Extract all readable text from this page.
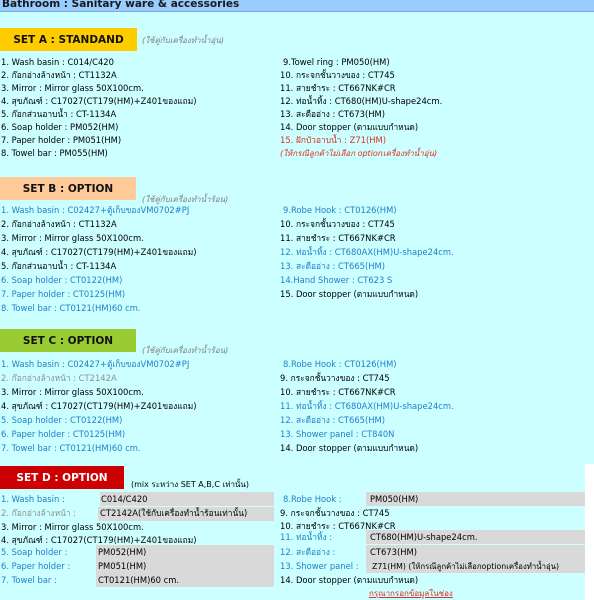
Bathroom : Sanitary ware & accessories
SET A : STANDAND	(ใช้คู่กับเครื่องทำน้ำอุ่น)
1. Wash basin : C014/C420
2. ก๊อกอ่างล้างหน้า : CT1132A
3. Mirror : Mirror glass 50X100cm.
4. สุขภัณฑ์ : C17027(CT179(HM)+Z401ของแถม)
5. ก๊อกส่วนอาบน้ำ : CT-1134A
6. Soap holder : PM052(HM)
7. Paper holder : PM051(HM)
8. Towel bar : PM055(HM)
9.Towel ring : PM050(HM)
10. กระจกชั้นวางของ : CT745
11. สายชำระ : CT667NK#CR
12. ท่อน้ำทิ้ง : CT680(HM)U-shape24cm.
13. สะดืออ่าง : CT673(HM)
14. Door stopper (ตามแบบกำหนด)
15. ฝักบัวอาบน้ำ : Z71(HM)
(ให้กรณีลูกค้าไม่เลือก optionเครื่องทำน้ำอุ่น)
SET B : OPTION
(ใช้คู่กับเครื่องทำน้ำร้อน)
1. Wash basin : C02427+ตู้เก็บของVM0702#PJ
2. ก๊อกอ่างล้างหน้า : CT1132A
3. Mirror : Mirror glass 50X100cm.
4. สุขภัณฑ์ : C17027(CT179(HM)+Z401ของแถม)
5. ก๊อกส่วนอาบน้ำ : CT-1134A
6. Soap holder : CT0122(HM)
7. Paper holder : CT0125(HM)
8. Towel bar : CT0121(HM)60 cm.
9.Robe Hook : CT0126(HM)
10. กระจกชั้นวางของ : CT745
11. สายชำระ : CT667NK#CR
12. ท่อน้ำทิ้ง : CT680AX(HM)U-shape24cm.
13. สะดืออ่าง : CT665(HM)
14.Hand Shower : CT623 S
15. Door stopper (ตามแบบกำหนด)
SET C : OPTION
(ใช้คู่กับเครื่องทำน้ำร้อน)
1. Wash basin : C02427+ตู้เก็บของVM0702#PJ
2. ก๊อกอ่างล้างหน้า : CT2142A
3. Mirror : Mirror glass 50X100cm.
4. สุขภัณฑ์ : C17027(CT179(HM)+Z401ของแถม)
5. Soap holder : CT0122(HM)
6. Paper holder : CT0125(HM)
7. Towel bar : CT0121(HM)60 cm.
8.Robe Hook : CT0126(HM)
9. กระจกชั้นวางของ : CT745
10. สายชำระ : CT667NK#CR
11. ท่อน้ำทิ้ง : CT680AX(HM)U-shape24cm.
12. สะดืออ่าง : CT665(HM)
13. Shower panel : CT840N
14. Door stopper (ตามแบบกำหนด)
SET D : OPTION
(mix ระหว่าง SET A,B,C เท่านั้น)
1. Wash basin :	C014/C420
2. ก๊อกอ่างล้างหน้า :	CT2142A(ใช้กับเครื่องทำน้ำร้อนเท่านั้น)
3. Mirror : Mirror glass 50X100cm.
4. สุขภัณฑ์ : C17027(CT179(HM)+Z401ของแถม)
5. Soap holder :	PM052(HM)
6. Paper holder :	PM051(HM)
7. Towel bar :	CT0121(HM)60 cm.
8.Robe Hook :	PM050(HM)
9. กระจกชั้นวางของ : CT745
10. สายชำระ : CT667NK#CR
11. ท่อน้ำทิ้ง :	CT680(HM)U-shape24cm.
12. สะดืออ่าง :	CT673(HM)
13. Shower panel : Z71(HM) (ให้กรณีลูกค้าไม่เลือกoptionเครื่องทำน้ำอุ่น)
14. Door stopper (ตามแบบกำหนด)
กรุณากรอกข้อมูลในช่อง
